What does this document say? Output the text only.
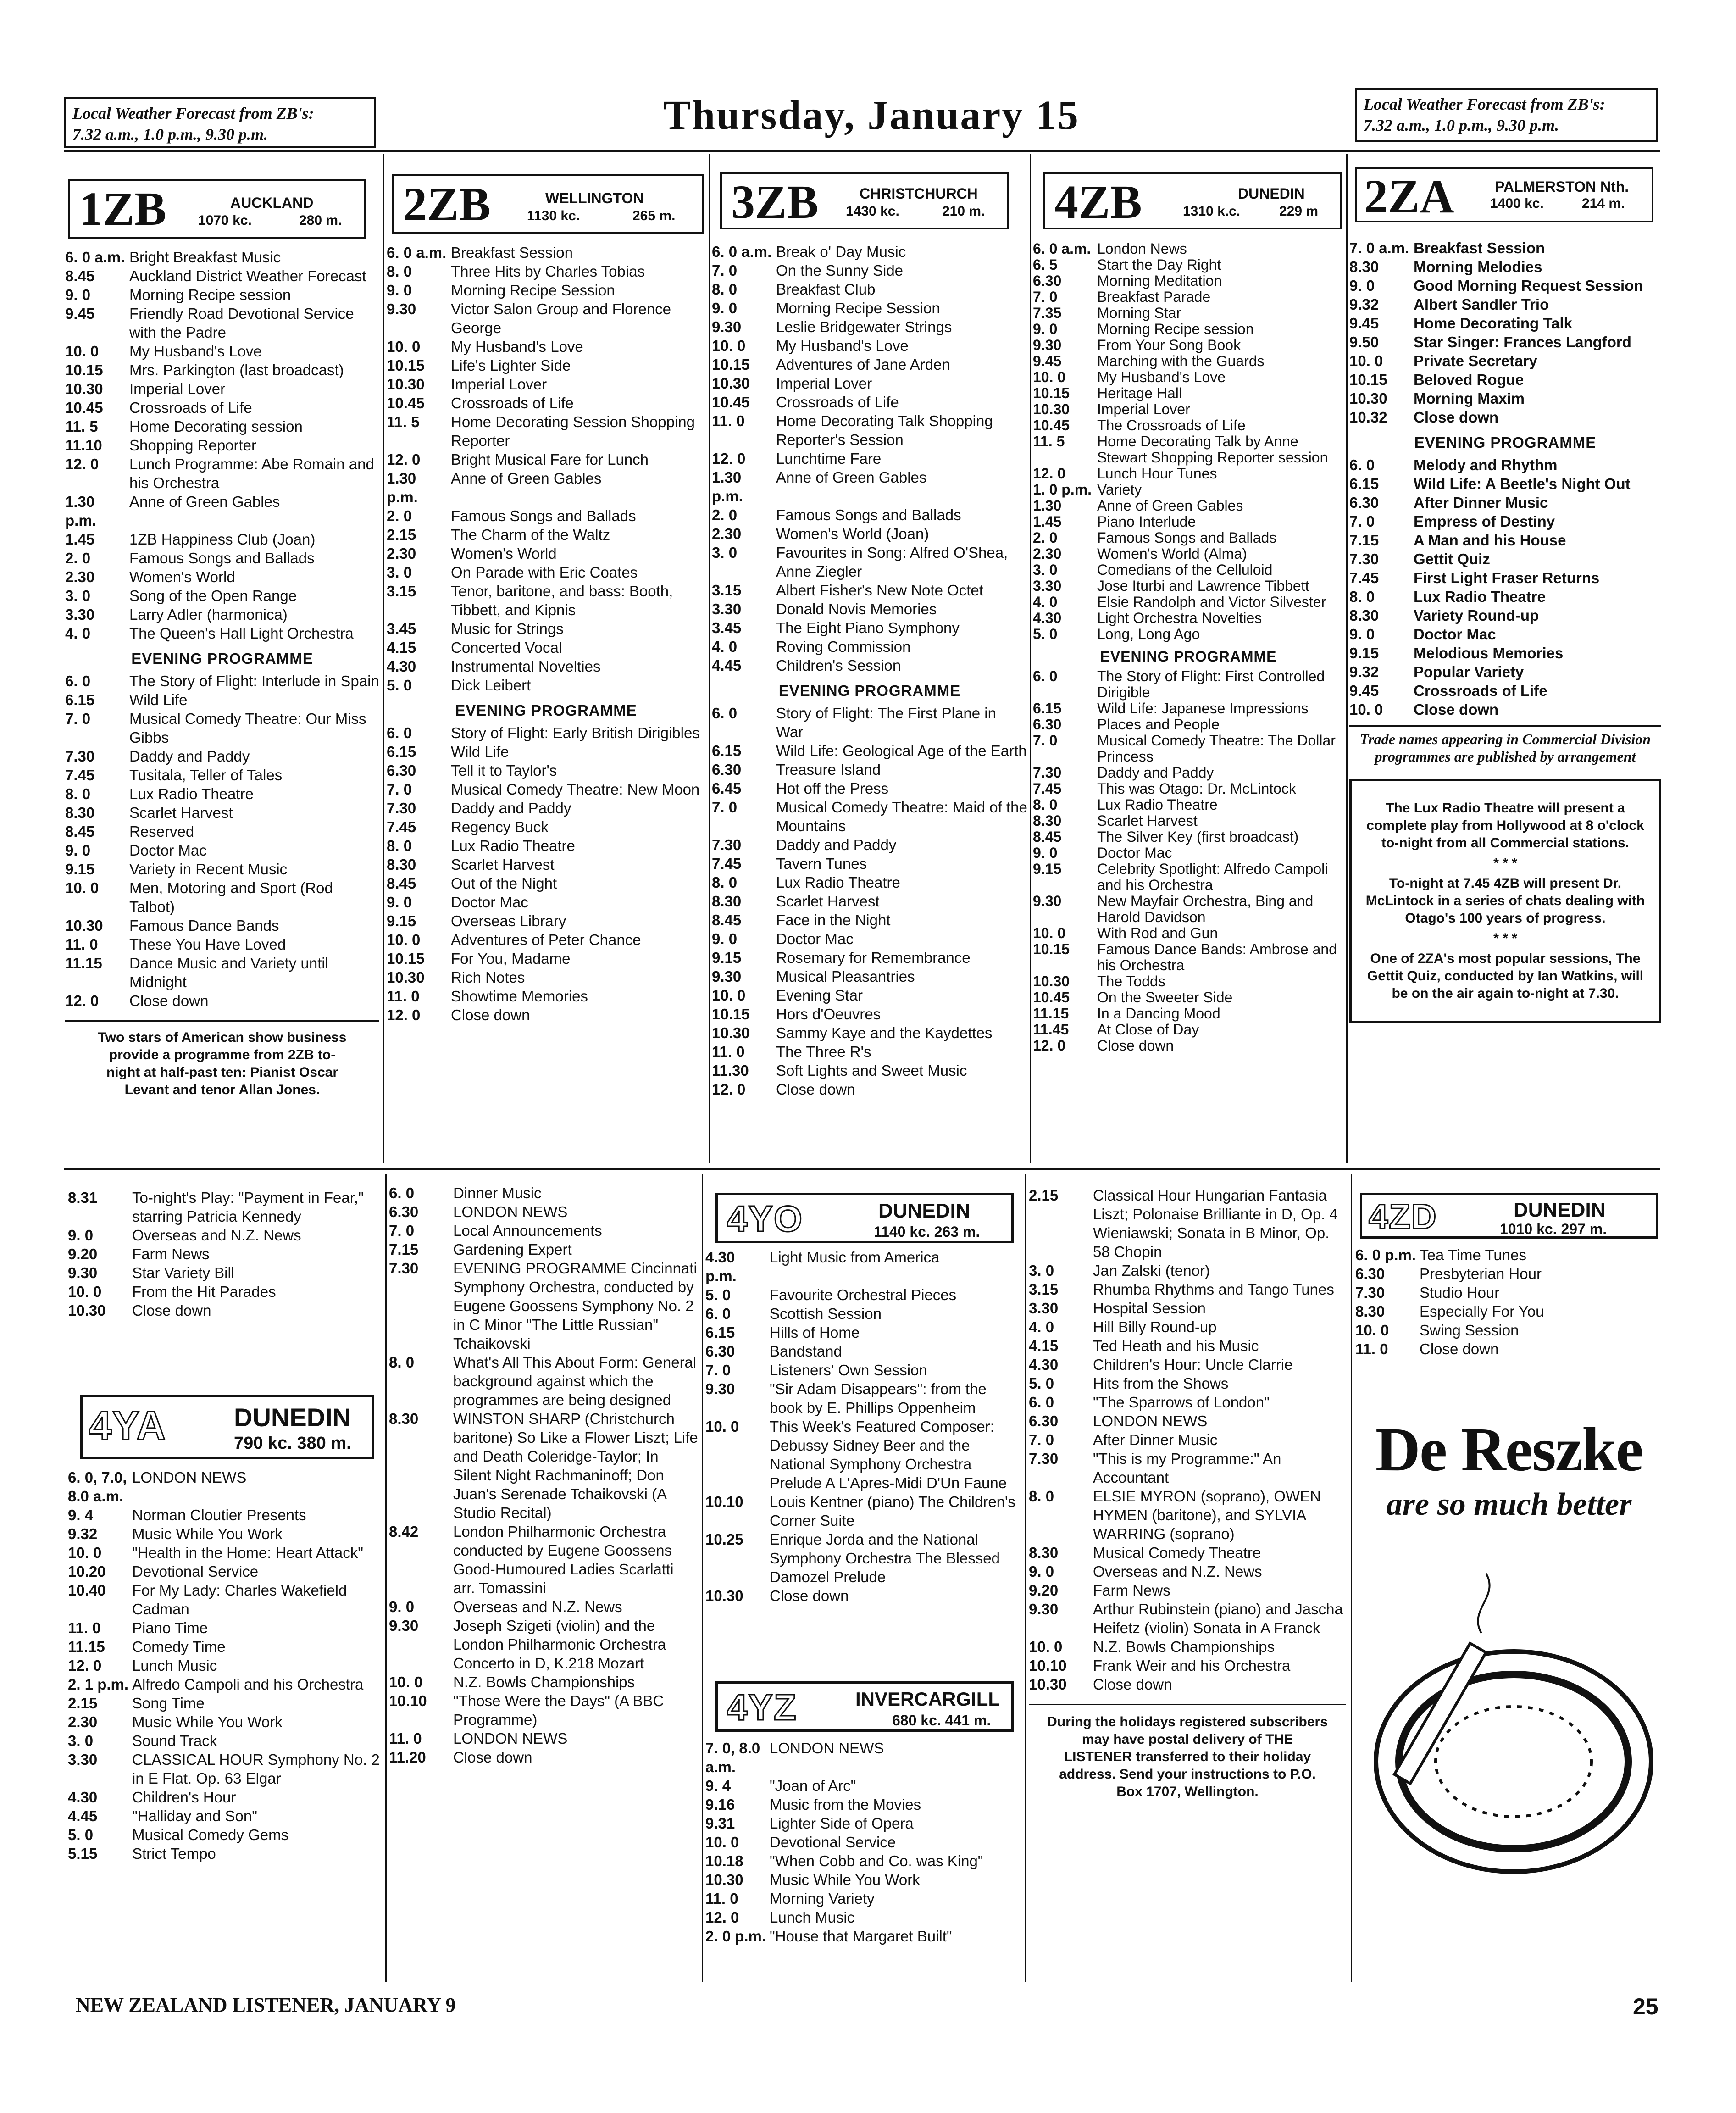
Local Weather Forecast from ZB's:
7.32 a.m., 1.0 p.m., 9.30 p.m.	Thursday, January 15	Local Weather Forecast from ZB's:
7.32 a.m., 1.0 p.m., 9.30 p.m.
1ZB	AUCKLAND
1070 kc.	280 m. 2ZB	WELLINGTON
1130 kc.	265 m. 3ZB	CHRISTCHURCH
1430 kc.	210 m. 4ZB	DUNEDIN
1310 k.c.	229 m 2ZA	PALMERSTON Nth.
1400 kc.	214 m.
6. 0 a.m. Bright Breakfast Music
8.45	Auckland District Weather Forecast
9. 0	Morning Recipe session
9.45	Friendly Road Devotional Service with the Padre
10. 0	My Husband's Love
10.15	Mrs. Parkington (last broadcast)
10.30	Imperial Lover
10.45	Crossroads of Life
11. 5	Home Decorating session
11.10	Shopping Reporter
12. 0	Lunch Programme: Abe Romain and his Orchestra
1.30 p.m.
Anne of Green Gables
1.45	1ZB Happiness Club (Joan)
2. 0	Famous Songs and Ballads
2.30	Women's World
3. 0	Song of the Open Range
3.30	Larry Adler (harmonica)
4. 0	The Queen's Hall Light Orchestra
EVENING PROGRAMME
6. 0	The Story of Flight: Interlude in Spain
6.15	Wild Life
7. 0	Musical Comedy Theatre: Our Miss Gibbs
7.30	Daddy and Paddy
7.45	Tusitala, Teller of Tales
8. 0	Lux Radio Theatre
8.30	Scarlet Harvest
8.45	Reserved
9. 0	Doctor Mac
9.15	Variety in Recent Music
10. 0	Men, Motoring and Sport (Rod Talbot)
10.30	Famous Dance Bands
11. 0	These You Have Loved
11.15	Dance Music and Variety until Midnight
12. 0	Close down
Two stars of American show business provide a programme from 2ZB to-night at half-past ten: Pianist Oscar Levant and tenor Allan Jones.
6. 0 a.m. Breakfast Session
8. 0	Three Hits by Charles Tobias
9. 0	Morning Recipe Session
9.30	Victor Salon Group and Florence George
10. 0	My Husband's Love
10.15	Life's Lighter Side
10.30	Imperial Lover
10.45	Crossroads of Life
11. 5	Home Decorating Session Shopping Reporter
12. 0	Bright Musical Fare for Lunch
1.30 p.m.
Anne of Green Gables
2. 0	Famous Songs and Ballads
2.15	The Charm of the Waltz
2.30	Women's World
3. 0	On Parade with Eric Coates
3.15	Tenor, baritone, and bass: Booth, Tibbett, and Kipnis
3.45	Music for Strings
4.15	Concerted Vocal
4.30	Instrumental Novelties
5. 0	Dick Leibert
EVENING PROGRAMME
6. 0	Story of Flight: Early British Dirigibles
6.15	Wild Life
6.30	Tell it to Taylor's
7. 0	Musical Comedy Theatre: New Moon
7.30	Daddy and Paddy
7.45	Regency Buck
8. 0	Lux Radio Theatre
8.30	Scarlet Harvest
8.45	Out of the Night
9. 0	Doctor Mac
9.15	Overseas Library
10. 0	Adventures of Peter Chance
10.15	For You, Madame
10.30	Rich Notes
11. 0	Showtime Memories
12. 0	Close down
6. 0 a.m. Break o' Day Music
7. 0	On the Sunny Side
8. 0	Breakfast Club
9. 0	Morning Recipe Session
9.30	Leslie Bridgewater Strings
10. 0	My Husband's Love
10.15	Adventures of Jane Arden
10.30	Imperial Lover
10.45	Crossroads of Life
11. 0	Home Decorating Talk Shopping Reporter's Session
12. 0	Lunchtime Fare
1.30 p.m.
Anne of Green Gables
2. 0	Famous Songs and Ballads
2.30	Women's World (Joan)
3. 0	Favourites in Song: Alfred O'Shea, Anne Ziegler
3.15	Albert Fisher's New Note Octet
3.30	Donald Novis Memories
3.45	The Eight Piano Symphony
4. 0	Roving Commission
4.45	Children's Session
EVENING PROGRAMME
6. 0	Story of Flight: The First Plane in War
6.15	Wild Life: Geological Age of the Earth
6.30	Treasure Island
6.45	Hot off the Press
7. 0	Musical Comedy Theatre: Maid of the Mountains
7.30	Daddy and Paddy
7.45	Tavern Tunes
8. 0	Lux Radio Theatre
8.30	Scarlet Harvest
8.45	Face in the Night
9. 0	Doctor Mac
9.15	Rosemary for Remembrance
9.30	Musical Pleasantries
10. 0	Evening Star
10.15	Hors d'Oeuvres
10.30	Sammy Kaye and the Kaydettes
11. 0	The Three R's
11.30	Soft Lights and Sweet Music
12. 0	Close down
6. 0 a.m. London News
6. 5	Start the Day Right
6.30	Morning Meditation
7. 0	Breakfast Parade
7.35	Morning Star
9. 0	Morning Recipe session
9.30	From Your Song Book
9.45	Marching with the Guards
10. 0	My Husband's Love
10.15	Heritage Hall
10.30	Imperial Lover
10.45	The Crossroads of Life
11. 5	Home Decorating Talk by Anne Stewart Shopping Reporter session
12. 0	Lunch Hour Tunes
1. 0 p.m. Variety
1.30	Anne of Green Gables
1.45	Piano Interlude
2. 0	Famous Songs and Ballads
2.30	Women's World (Alma)
3. 0	Comedians of the Celluloid
3.30	Jose Iturbi and Lawrence Tibbett
4. 0	Elsie Randolph and Victor Silvester
4.30	Light Orchestra Novelties
5. 0	Long, Long Ago
EVENING PROGRAMME
6. 0	The Story of Flight: First Controlled Dirigible
6.15	Wild Life: Japanese Impressions
6.30	Places and People
7. 0	Musical Comedy Theatre: The Dollar Princess
7.30	Daddy and Paddy
7.45	This was Otago: Dr. McLintock
8. 0	Lux Radio Theatre
8.30	Scarlet Harvest
8.45	The Silver Key (first broadcast)
9. 0	Doctor Mac
9.15	Celebrity Spotlight: Alfredo Campoli and his Orchestra
9.30	New Mayfair Orchestra, Bing and Harold Davidson
10. 0	With Rod and Gun
10.15	Famous Dance Bands: Ambrose and his Orchestra
10.30	The Todds
10.45	On the Sweeter Side
11.15	In a Dancing Mood
11.45	At Close of Day
12. 0	Close down
7. 0 a.m. Breakfast Session
8.30	Morning Melodies
9. 0	Good Morning Request Session
9.32	Albert Sandler Trio
9.45	Home Decorating Talk
9.50	Star Singer: Frances Langford
10. 0	Private Secretary
10.15	Beloved Rogue
10.30	Morning Maxim
10.32	Close down
EVENING PROGRAMME
6. 0	Melody and Rhythm
6.15	Wild Life: A Beetle's Night Out
6.30	After Dinner Music
7. 0	Empress of Destiny
7.15	A Man and his House
7.30	Gettit Quiz
7.45	First Light Fraser Returns
8. 0	Lux Radio Theatre
8.30	Variety Round-up
9. 0	Doctor Mac
9.15	Melodious Memories
9.32	Popular Variety
9.45	Crossroads of Life
10. 0	Close down
Trade names appearing in Commercial Division programmes are published by arrangement
The Lux Radio Theatre will present a complete play from Hollywood at 8 o'clock to-night from all Commercial stations.
* * *
To-night at 7.45 4ZB will present Dr. McLintock in a series of chats dealing with Otago's 100 years of progress.
* * *
One of 2ZA's most popular sessions, The Gettit Quiz, conducted by Ian Watkins, will be on the air again to-night at 7.30.
8.31	To-night's Play: "Payment in Fear," starring Patricia Kennedy
9. 0	Overseas and N.Z. News
9.20	Farm News
9.30	Star Variety Bill
10. 0	From the Hit Parades
10.30	Close down
4YA	DUNEDIN
790 kc. 380 m.
6. 0, 7.0, 8.0 a.m.
LONDON NEWS
9. 4	Norman Cloutier Presents
9.32	Music While You Work
10. 0	"Health in the Home: Heart Attack"
10.20	Devotional Service
10.40	For My Lady: Charles Wakefield Cadman
11. 0	Piano Time
11.15	Comedy Time
12. 0	Lunch Music
2. 1 p.m. Alfredo Campoli and his Orchestra
2.15	Song Time
2.30	Music While You Work
3. 0	Sound Track
3.30	CLASSICAL HOUR Symphony No. 2 in E Flat. Op. 63 Elgar
4.30	Children's Hour
4.45	"Halliday and Son"
5. 0	Musical Comedy Gems
5.15	Strict Tempo
6. 0	Dinner Music
6.30	LONDON NEWS
7. 0	Local Announcements
7.15	Gardening Expert
7.30	EVENING PROGRAMME Cincinnati Symphony Orchestra, conducted by Eugene Goossens Symphony No. 2 in C Minor "The Little Russian" Tchaikovski
8. 0	What's All This About Form: General background against which the programmes are being designed
8.30	WINSTON SHARP (Christchurch baritone) So Like a Flower Liszt; Life and Death Coleridge-Taylor; In Silent Night Rachmaninoff; Don Juan's Serenade Tchaikovski (A Studio Recital)
8.42	London Philharmonic Orchestra conducted by Eugene Goossens Good-Humoured Ladies Scarlatti arr. Tomassini
9. 0	Overseas and N.Z. News
9.30	Joseph Szigeti (violin) and the London Philharmonic Orchestra Concerto in D, K.218 Mozart
10. 0	N.Z. Bowls Championships
10.10	"Those Were the Days" (A BBC Programme)
11. 0	LONDON NEWS
11.20	Close down
4YO	DUNEDIN
1140 kc. 263 m.
4.30 p.m.
Light Music from America
5. 0	Favourite Orchestral Pieces
6. 0	Scottish Session
6.15	Hills of Home
6.30	Bandstand
7. 0	Listeners' Own Session
9.30	"Sir Adam Disappears": from the book by E. Phillips Oppenheim
10. 0	This Week's Featured Composer: Debussy Sidney Beer and the National Symphony Orchestra Prelude A L'Apres-Midi D'Un Faune
10.10	Louis Kentner (piano) The Children's Corner Suite
10.25	Enrique Jorda and the National Symphony Orchestra The Blessed Damozel Prelude
10.30	Close down
4YZ	INVERCARGILL
680 kc. 441 m.
7. 0, 8.0 a.m.
LONDON NEWS
9. 4	"Joan of Arc"
9.16	Music from the Movies
9.31	Lighter Side of Opera
10. 0	Devotional Service
10.18	"When Cobb and Co. was King"
10.30	Music While You Work
11. 0	Morning Variety
12. 0	Lunch Music
2. 0 p.m. "House that Margaret Built"
2.15	Classical Hour Hungarian Fantasia Liszt; Polonaise Brilliante in D, Op. 4 Wieniawski; Sonata in B Minor, Op. 58 Chopin
3. 0	Jan Zalski (tenor)
3.15	Rhumba Rhythms and Tango Tunes
3.30	Hospital Session
4. 0	Hill Billy Round-up
4.15	Ted Heath and his Music
4.30	Children's Hour: Uncle Clarrie
5. 0	Hits from the Shows
6. 0	"The Sparrows of London"
6.30	LONDON NEWS
7. 0	After Dinner Music
7.30	"This is my Programme:" An Accountant
8. 0	ELSIE MYRON (soprano), OWEN HYMEN (baritone), and SYLVIA WARRING (soprano)
8.30	Musical Comedy Theatre
9. 0	Overseas and N.Z. News
9.20	Farm News
9.30	Arthur Rubinstein (piano) and Jascha Heifetz (violin) Sonata in A Franck
10. 0	N.Z. Bowls Championships
10.10	Frank Weir and his Orchestra
10.30	Close down
During the holidays registered subscribers may have postal delivery of THE LISTENER transferred to their holiday address. Send your instructions to P.O. Box 1707, Wellington.
4ZD	DUNEDIN
1010 kc. 297 m.
6. 0 p.m. Tea Time Tunes
6.30	Presbyterian Hour
7.30	Studio Hour
8.30	Especially For You
10. 0	Swing Session
11. 0	Close down
De Reszke
are so much better
NEW ZEALAND LISTENER, JANUARY 9	25
